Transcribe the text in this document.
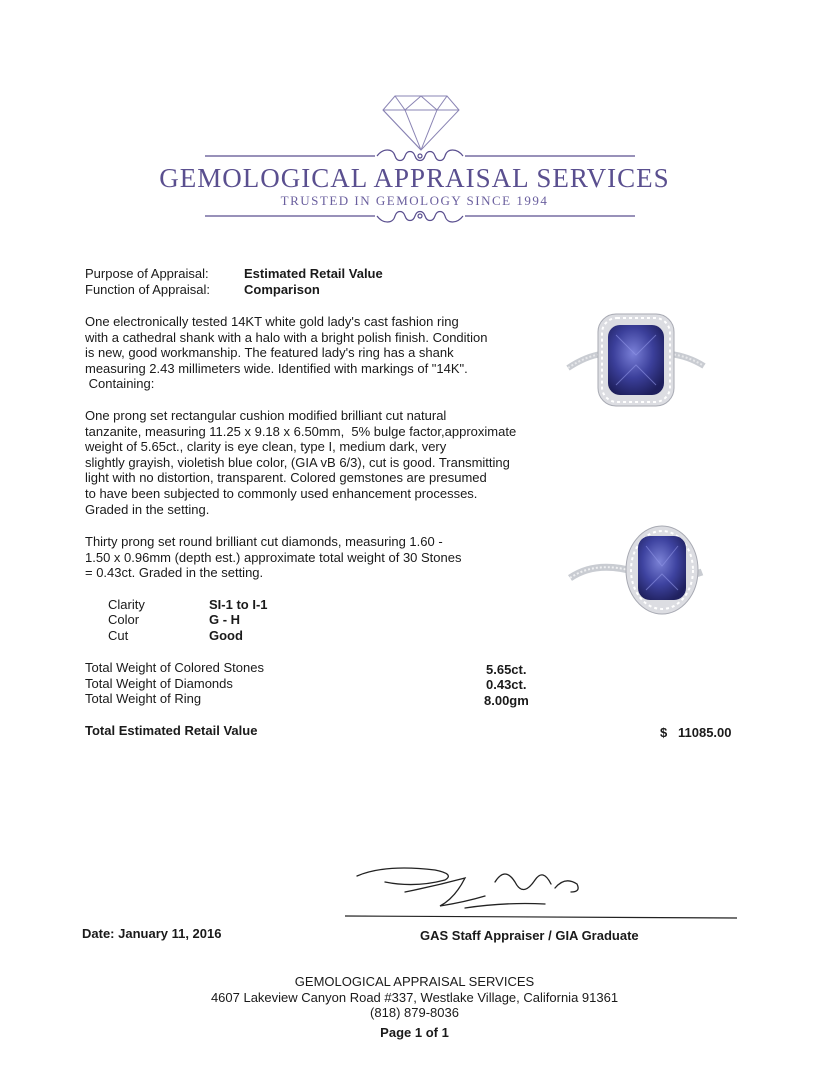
GEMOLOGICAL APPRAISAL SERVICES
TRUSTED IN GEMOLOGY SINCE 1994
Purpose of Appraisal:	Estimated Retail Value
Function of Appraisal:	Comparison
One electronically tested 14KT white gold lady's cast fashion ring
with a cathedral shank with a halo with a bright polish finish. Condition
is new, good workmanship. The featured lady's ring has a shank
measuring 2.43 millimeters wide. Identified with markings of "14K".
Containing:
One prong set rectangular cushion modified brilliant cut natural
tanzanite, measuring 11.25 x 9.18 x 6.50mm,  5% bulge factor,approximate
weight of 5.65ct., clarity is eye clean, type I, medium dark, very
slightly grayish, violetish blue color, (GIA vB 6/3), cut is good. Transmitting
light with no distortion, transparent. Colored gemstones are presumed
to have been subjected to commonly used enhancement processes.
Graded in the setting.
Thirty prong set round brilliant cut diamonds, measuring 1.60 -
1.50 x 0.96mm (depth est.) approximate total weight of 30 Stones
= 0.43ct. Graded in the setting.
Clarity	SI-1 to I-1
Color	G - H
Cut	Good
Total Weight of Colored Stones	5.65ct.
Total Weight of Diamonds	0.43ct.
Total Weight of Ring	8.00gm
Total Estimated Retail Value	$ 11085.00
Date: January 11, 2016	GAS Staff Appraiser / GIA Graduate
GEMOLOGICAL APPRAISAL SERVICES
4607 Lakeview Canyon Road #337, Westlake Village, California 91361
(818) 879-8036
Page 1 of 1
